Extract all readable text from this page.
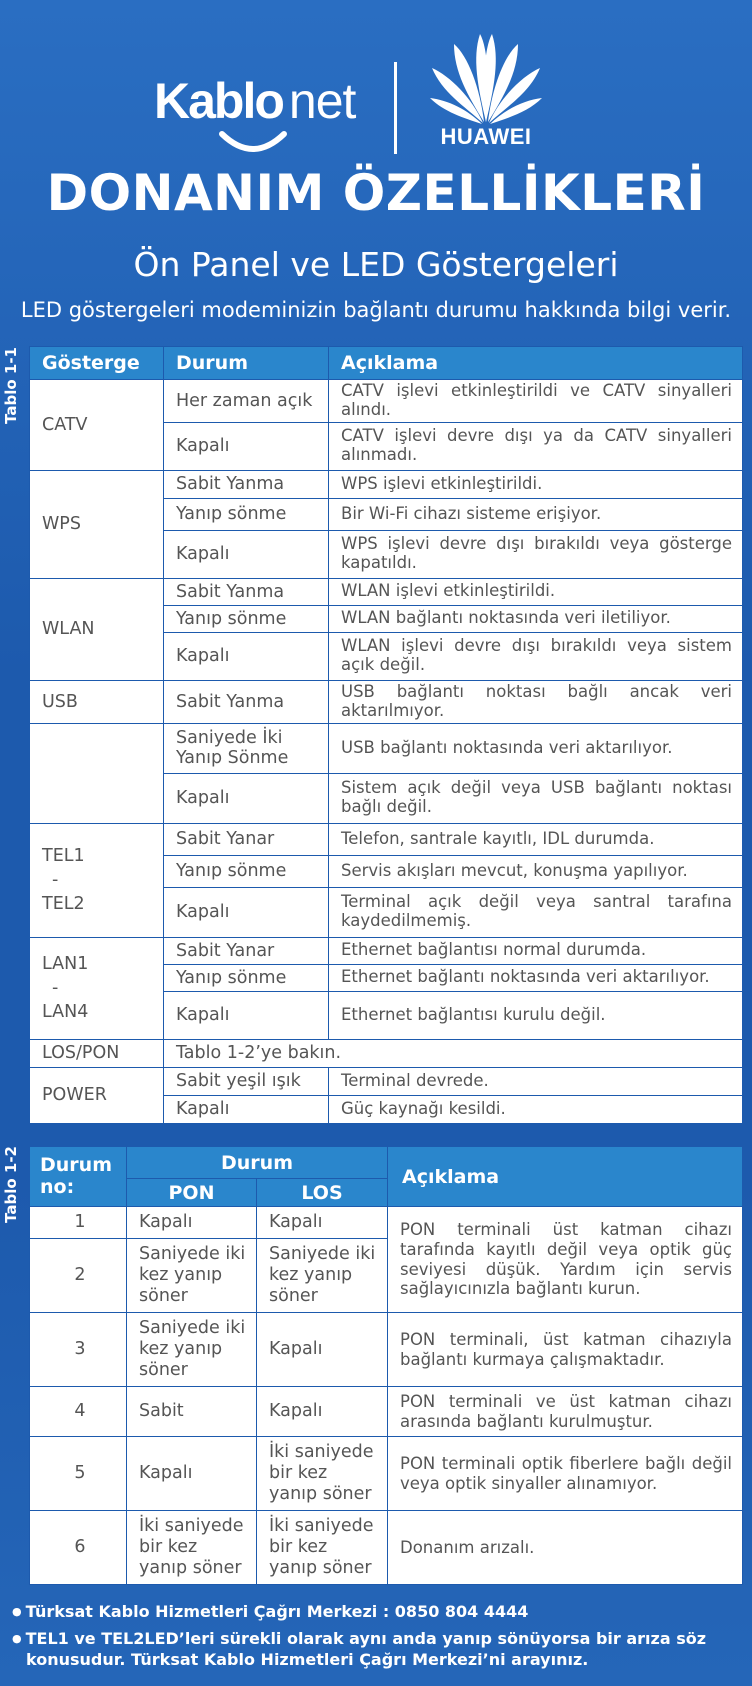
Kablo net
HUAWEI
DONANIM ÖZELLİKLERİ
Ön Panel ve LED Göstergeleri
LED göstergeleri modeminizin bağlantı durumu hakkında bilgi verir.
Tablo 1-1 Gösterge	Durum	Açıklama
CATV	Her zaman açık	CATV işlevi etkinleştirildi ve CATV sinyalleri alındı.
	Kapalı	CATV işlevi devre dışı ya da CATV sinyalleri alınmadı.
WPS	Sabit Yanma	WPS işlevi etkinleştirildi.
	Yanıp sönme	Bir Wi-Fi cihazı sisteme erişiyor.
	Kapalı	WPS işlevi devre dışı bırakıldı veya gösterge kapatıldı.
WLAN	Sabit Yanma	WLAN işlevi etkinleştirildi.
	Yanıp sönme	WLAN bağlantı noktasında veri iletiliyor.
	Kapalı	WLAN işlevi devre dışı bırakıldı veya sistem açık değil.
USB	Sabit Yanma	USB bağlantı noktası bağlı ancak veri aktarılmıyor.
	Saniyede İki Yanıp Sönme	USB bağlantı noktasında veri aktarılıyor.
	Kapalı	Sistem açık değil veya USB bağlantı noktası bağlı değil.

TEL1
-
TEL2	Sabit Yanar	Telefon, santrale kayıtlı, IDL durumda.
	Yanıp sönme	Servis akışları mevcut, konuşma yapılıyor.
	Kapalı	Terminal açık değil veya santral tarafına kaydedilmemiş.

LAN1
-
LAN4	Sabit Yanar	Ethernet bağlantısı normal durumda.
	Yanıp sönme	Ethernet bağlantı noktasında veri aktarılıyor.
	Kapalı	Ethernet bağlantısı kurulu değil.
LOS/PON	Tablo 1-2’ye bakın.	
POWER	Sabit yeşil ışık	Terminal devrede.
	Kapalı	Güç kaynağı kesildi.
Tablo 1-2 Durum no:	Durum		Açıklama
	PON	LOS	
1	Kapalı	Kapalı	PON terminali üst katman cihazı tarafında kayıtlı değil veya optik güç seviyesi düşük. Yardım için servis sağlayıcınızla bağlantı kurun.
2	Saniyede iki kez yanıp söner	Saniyede iki kez yanıp söner	
3	Saniyede iki kez yanıp söner	Kapalı	PON terminali, üst katman cihazıyla bağlantı kurmaya çalışmaktadır.
4	Sabit	Kapalı	PON terminali ve üst katman cihazı arasında bağlantı kurulmuştur.
5	Kapalı	İki saniyede bir kez yanıp söner	PON terminali optik fiberlere bağlı değil veya optik sinyaller alınamıyor.
6	İki saniyede bir kez yanıp söner	İki saniyede bir kez yanıp söner	Donanım arızalı.
● Türksat Kablo Hizmetleri Çağrı Merkezi : 0850 804 4444
● TEL1 ve TEL2LED’leri sürekli olarak aynı anda yanıp sönüyorsa bir arıza söz konusudur. Türksat Kablo Hizmetleri Çağrı Merkezi’ni arayınız.
